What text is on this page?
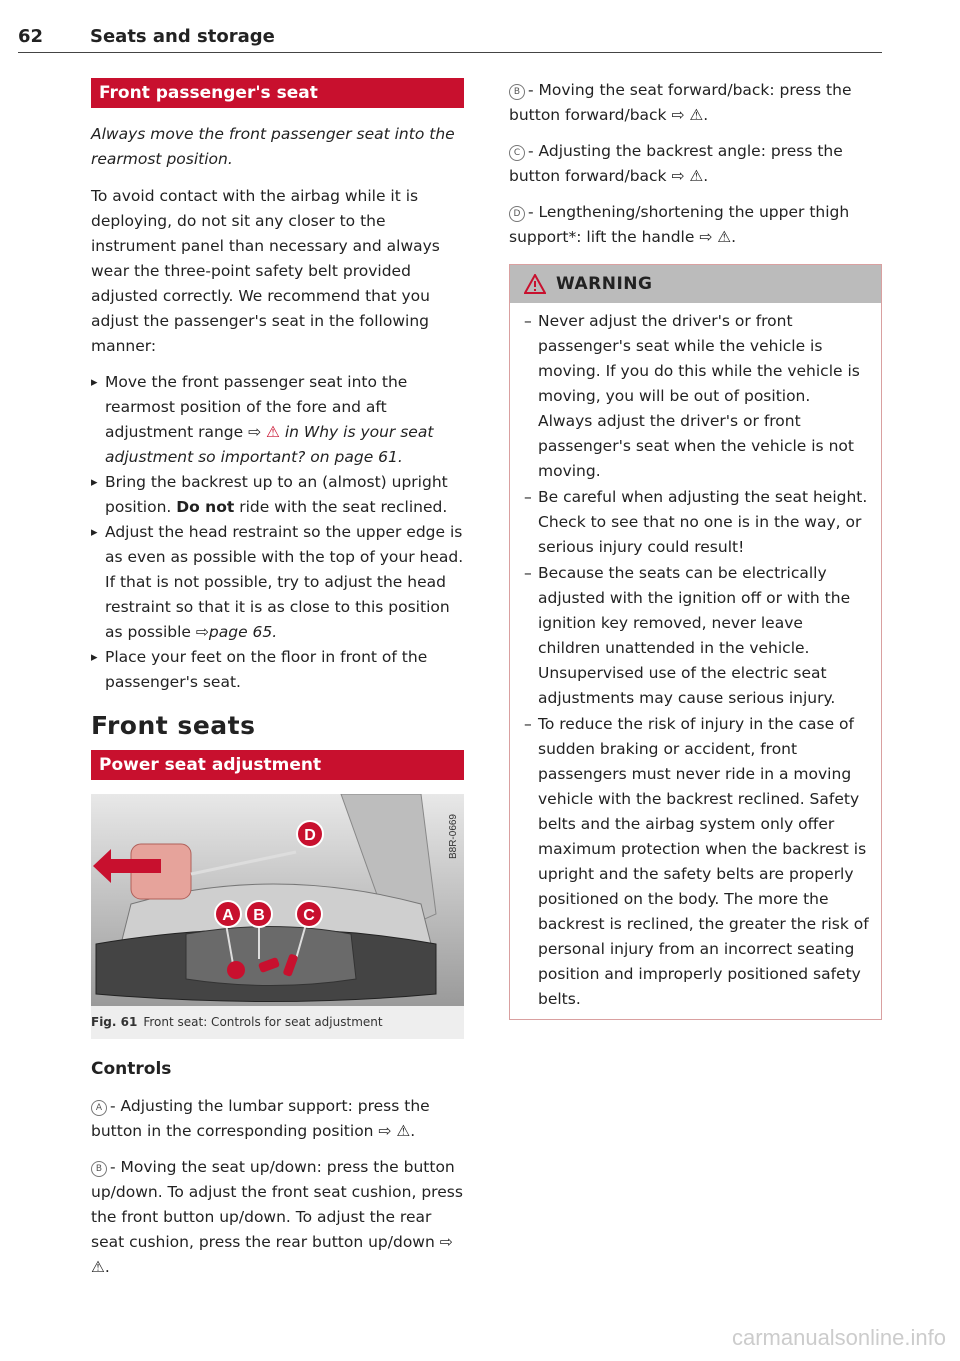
62	Seats and storage
Front passenger's seat
Always move the front passenger seat into the rearmost position.

To avoid contact with the airbag while it is deploying, do not sit any closer to the instrument panel than necessary and always wear the three-point safety belt provided adjusted correctly. We recommend that you adjust the passenger's seat in the following manner:

▸ Move the front passenger seat into the rearmost position of the fore and aft adjustment range ⇨ ⚠ in Why is your seat adjustment so important? on page 61.
▸ Bring the backrest up to an (almost) upright position. Do not ride with the seat reclined.
▸ Adjust the head restraint so the upper edge is as even as possible with the top of your head. If that is not possible, try to adjust the head restraint so that it is as close to this position as possible ⇨page 65.
▸ Place your feet on the floor in front of the passenger's seat.
Front seats
Power seat adjustment
D
A B C
B8R-0669
Fig. 61 Front seat: Controls for seat adjustment
Controls

A - Adjusting the lumbar support: press the button in the corresponding position ⇨ ⚠.

B - Moving the seat up/down: press the button up/down. To adjust the front seat cushion, press the front button up/down. To adjust the rear seat cushion, press the rear button up/down ⇨ ⚠.

B - Moving the seat forward/back: press the button forward/back ⇨ ⚠.

C - Adjusting the backrest angle: press the button forward/back ⇨ ⚠.

D - Lengthening/shortening the upper thigh support*: lift the handle ⇨ ⚠.

WARNING
– Never adjust the driver's or front passenger's seat while the vehicle is moving. If you do this while the vehicle is moving, you will be out of position. Always adjust the driver's or front passenger's seat when the vehicle is not moving.
– Be careful when adjusting the seat height. Check to see that no one is in the way, or serious injury could result!
– Because the seats can be electrically adjusted with the ignition off or with the ignition key removed, never leave children unattended in the vehicle. Unsupervised use of the electric seat adjustments may cause serious injury.
– To reduce the risk of injury in the case of sudden braking or accident, front passengers must never ride in a moving vehicle with the backrest reclined. Safety belts and the airbag system only offer maximum protection when the backrest is upright and the safety belts are properly positioned on the body. The more the backrest is reclined, the greater the risk of personal injury from an incorrect seating position and improperly positioned safety belts.
carmanualsonline.info
